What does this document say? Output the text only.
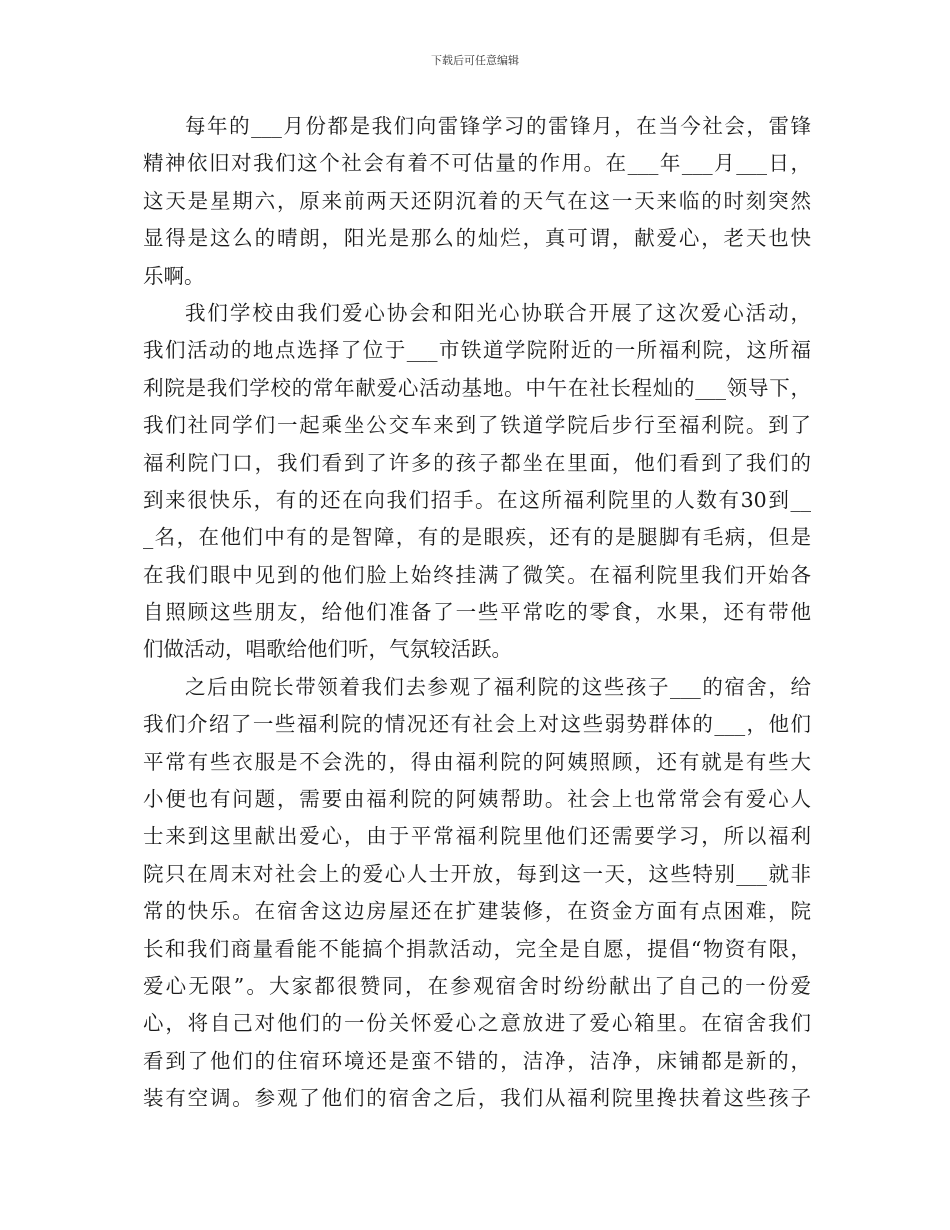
下载后可任意编辑
每年的___月份都是我们向雷锋学习的雷锋月，在当今社会，雷锋
精神依旧对我们这个社会有着不可估量的作用。在___年___月___日，
这天是星期六，原来前两天还阴沉着的天气在这一天来临的时刻突然
显得是这么的晴朗，阳光是那么的灿烂，真可谓，献爱心，老天也快
乐啊。
我们学校由我们爱心协会和阳光心协联合开展了这次爱心活动，
我们活动的地点选择了位于___市铁道学院附近的一所福利院，这所福
利院是我们学校的常年献爱心活动基地。中午在社长程灿的___领导下，
我们社同学们一起乘坐公交车来到了铁道学院后步行至福利院。到了
福利院门口，我们看到了许多的孩子都坐在里面，他们看到了我们的
到来很快乐，有的还在向我们招手。在这所福利院里的人数有30到__
_名，在他们中有的是智障，有的是眼疾，还有的是腿脚有毛病，但是
在我们眼中见到的他们脸上始终挂满了微笑。在福利院里我们开始各
自照顾这些朋友，给他们准备了一些平常吃的零食，水果，还有带他
们做活动，唱歌给他们听，气氛较活跃。
之后由院长带领着我们去参观了福利院的这些孩子___的宿舍，给
我们介绍了一些福利院的情况还有社会上对这些弱势群体的___，他们
平常有些衣服是不会洗的，得由福利院的阿姨照顾，还有就是有些大
小便也有问题，需要由福利院的阿姨帮助。社会上也常常会有爱心人
士来到这里献出爱心，由于平常福利院里他们还需要学习，所以福利
院只在周末对社会上的爱心人士开放，每到这一天，这些特别___就非
常的快乐。在宿舍这边房屋还在扩建装修，在资金方面有点困难，院
长和我们商量看能不能搞个捐款活动，完全是自愿，提倡“物资有限，
爱心无限”。大家都很赞同，在参观宿舍时纷纷献出了自己的一份爱
心，将自己对他们的一份关怀爱心之意放进了爱心箱里。在宿舍我们
看到了他们的住宿环境还是蛮不错的，洁净，洁净，床铺都是新的，
装有空调。参观了他们的宿舍之后，我们从福利院里搀扶着这些孩子
